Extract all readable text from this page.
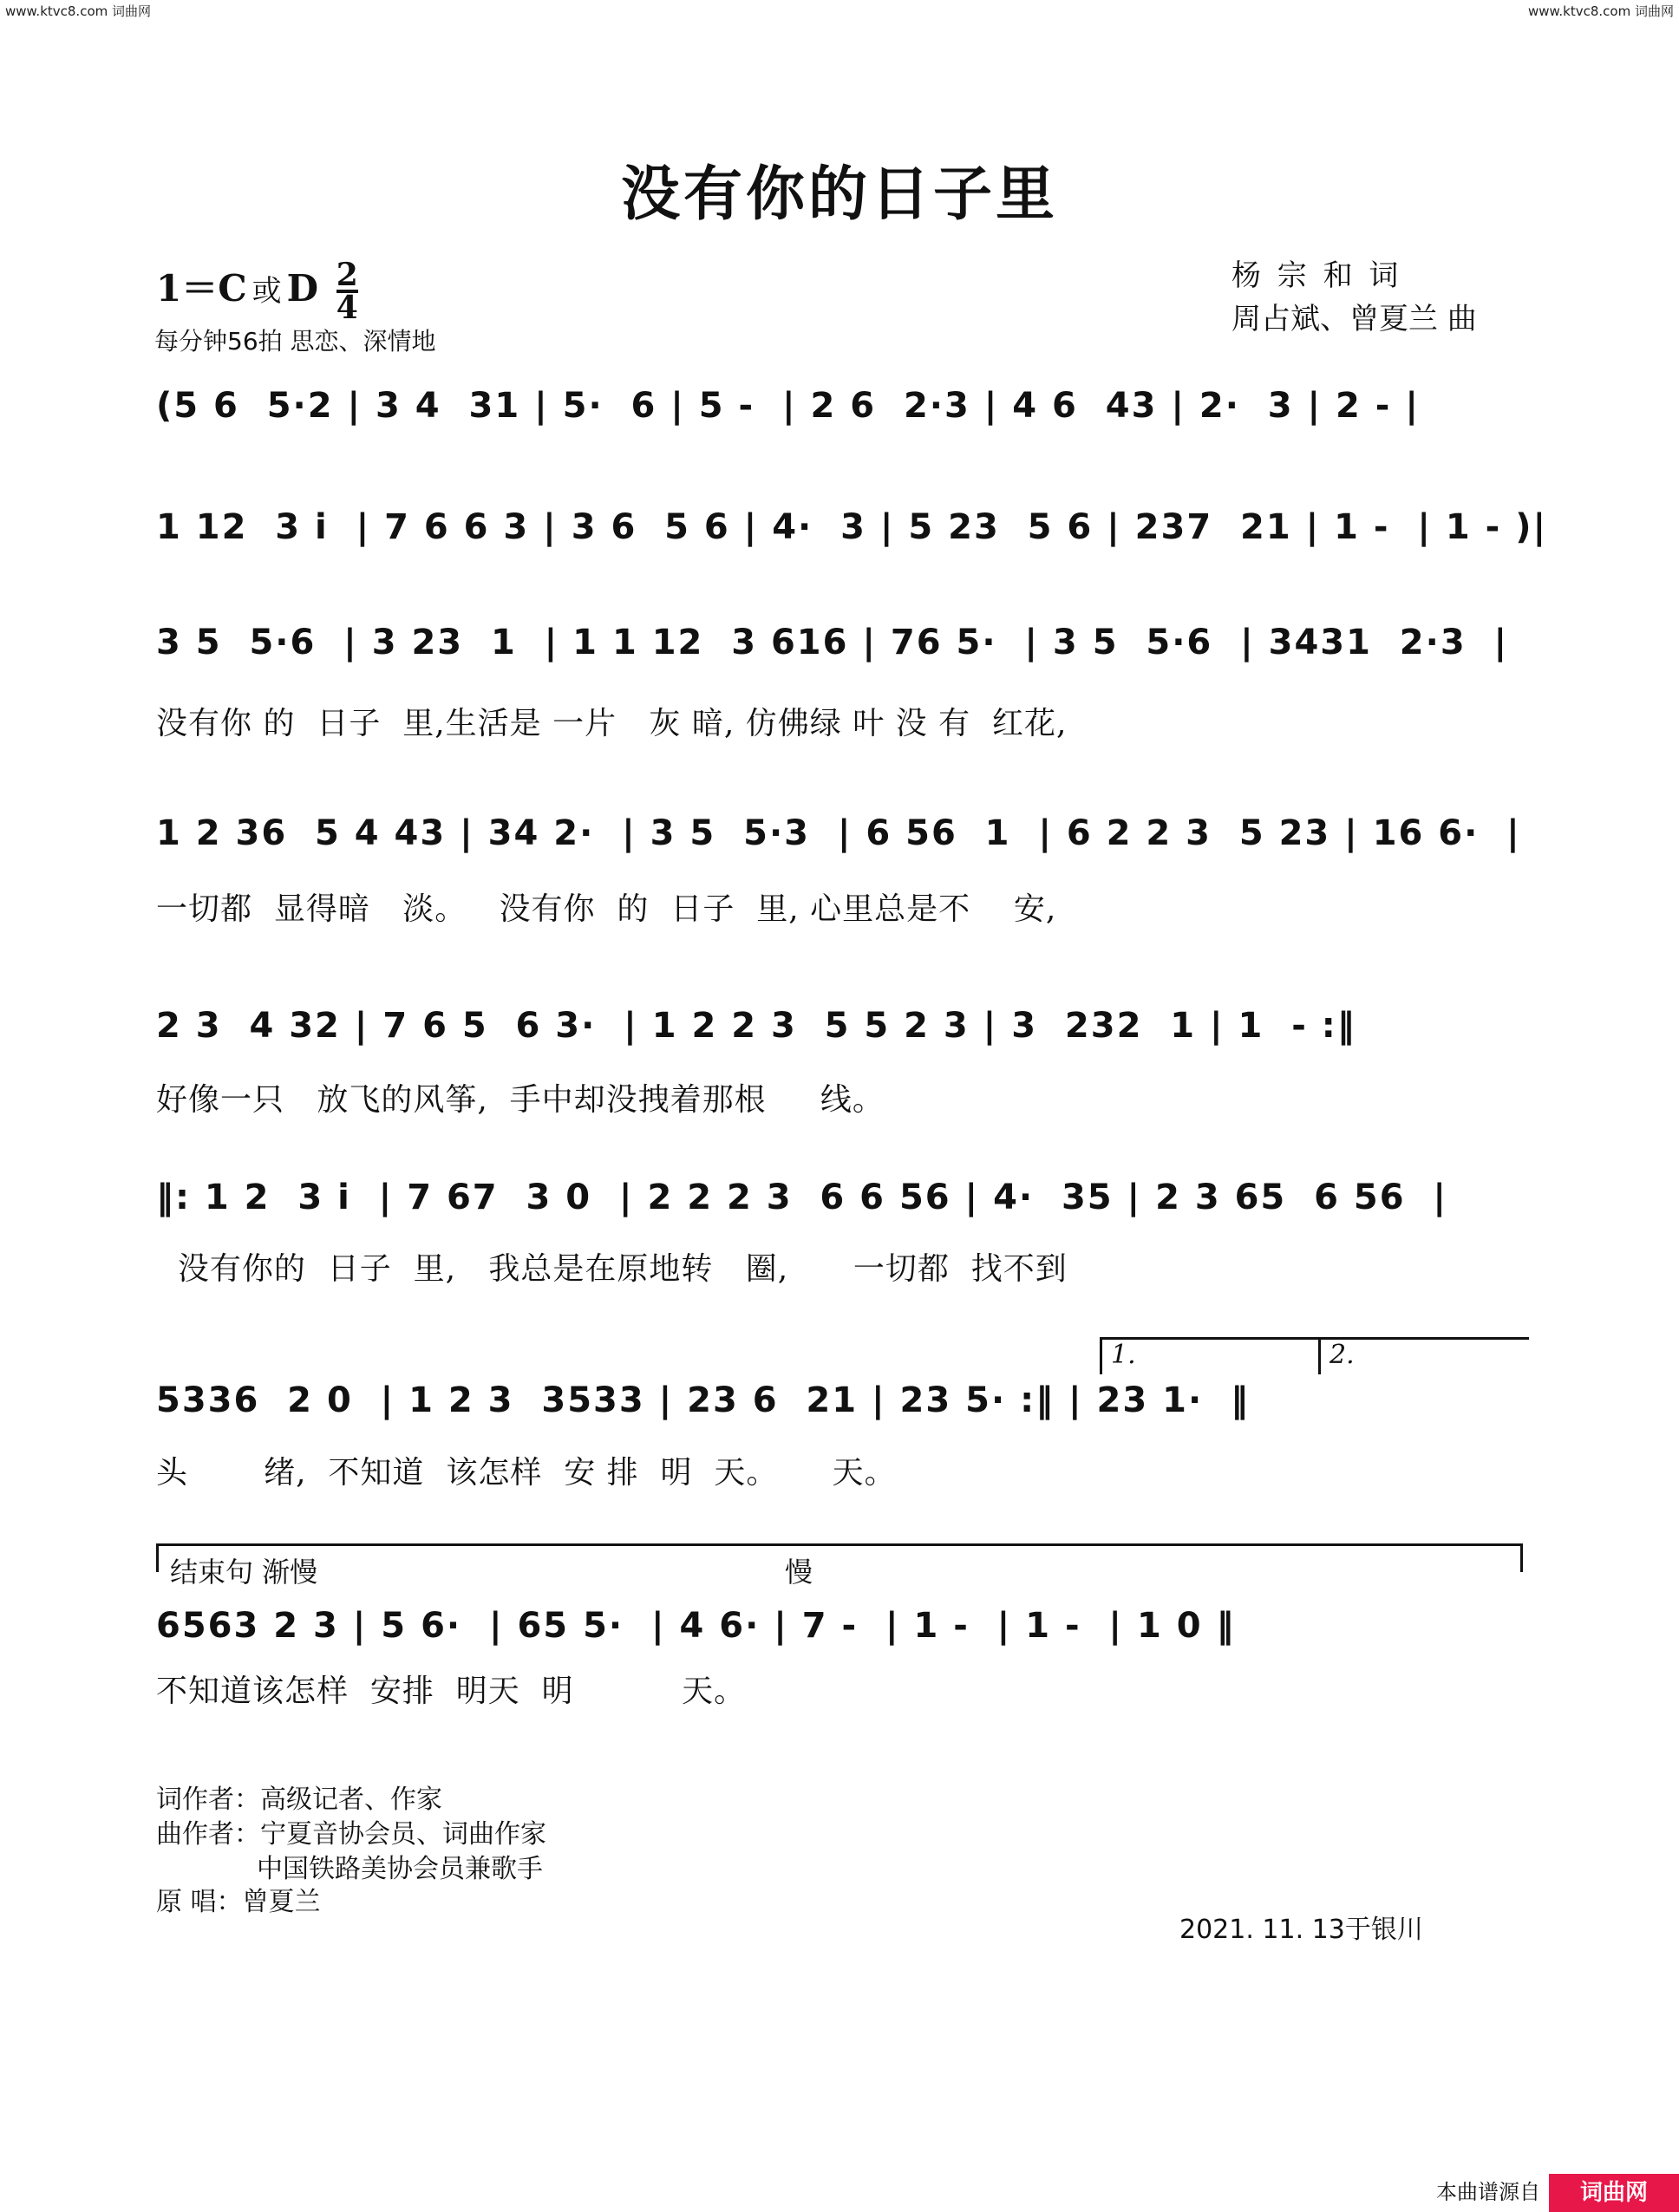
www.ktvc8.com 词曲网	www.ktvc8.com 词曲网
没有你的日子里
1＝C 或 D $\frac{2}{4}$
每分钟56拍 思恋、深情地
杨 宗 和 词
周占斌、曾夏兰 曲
(5 6  5·2 | 3 4  31 | 5·  6 | 5 -  | 2 6  2·3 | 4 6  43 | 2·  3 | 2 - |
1 12  3 i  | 7 6 6 3 | 3 6  5 6 | 4·  3 | 5 23  5 6 | 237  21 | 1 -  | 1 - )|
3 5  5·6  | 3 23  1  | 1 1 12  3 616 | 76 5·  | 3 5  5·6  | 3431  2·3  |
没有你 的  日子  里,生活是 一片   灰 暗, 仿佛绿 叶 没 有  红花,
1 2 36  5 4 43 | 34 2·  | 3 5  5·3  | 6 56  1  | 6 2 2 3  5 23 | 16 6·  |
一切都  显得暗   淡。   没有你  的  日子  里, 心里总是不    安,
2 3  4 32 | 7 6 5  6 3·  | 1 2 2 3  5 5 2 3 | 3  232  1 | 1  - :‖
好像一只   放飞的风筝,  手中却没拽着那根     线。
‖: 1 2  3 i  | 7 67  3 0  | 2 2 2 3  6 6 56 | 4·  35 | 2 3 65  6 56  |
没有你的  日子  里,   我总是在原地转   圈,      一切都  找不到
1.	2.
5336  2 0  | 1 2 3  3533 | 23 6  21 | 23 5· :‖ | 23 1·  ‖
头       绪,  不知道  该怎样  安 排  明  天。     天。
结束句 渐慢	慢
6563 2 3 | 5 6·  | 65 5·  | 4 6· | 7 -  | 1 -  | 1 -  | 1 0 ‖
不知道该怎样  安排  明天  明          天。
词作者：高级记者、作家
曲作者：宁夏音协会员、词曲作家
中国铁路美协会员兼歌手
原 唱：曾夏兰
2021. 11. 13于银川
本曲谱源自	词曲网
